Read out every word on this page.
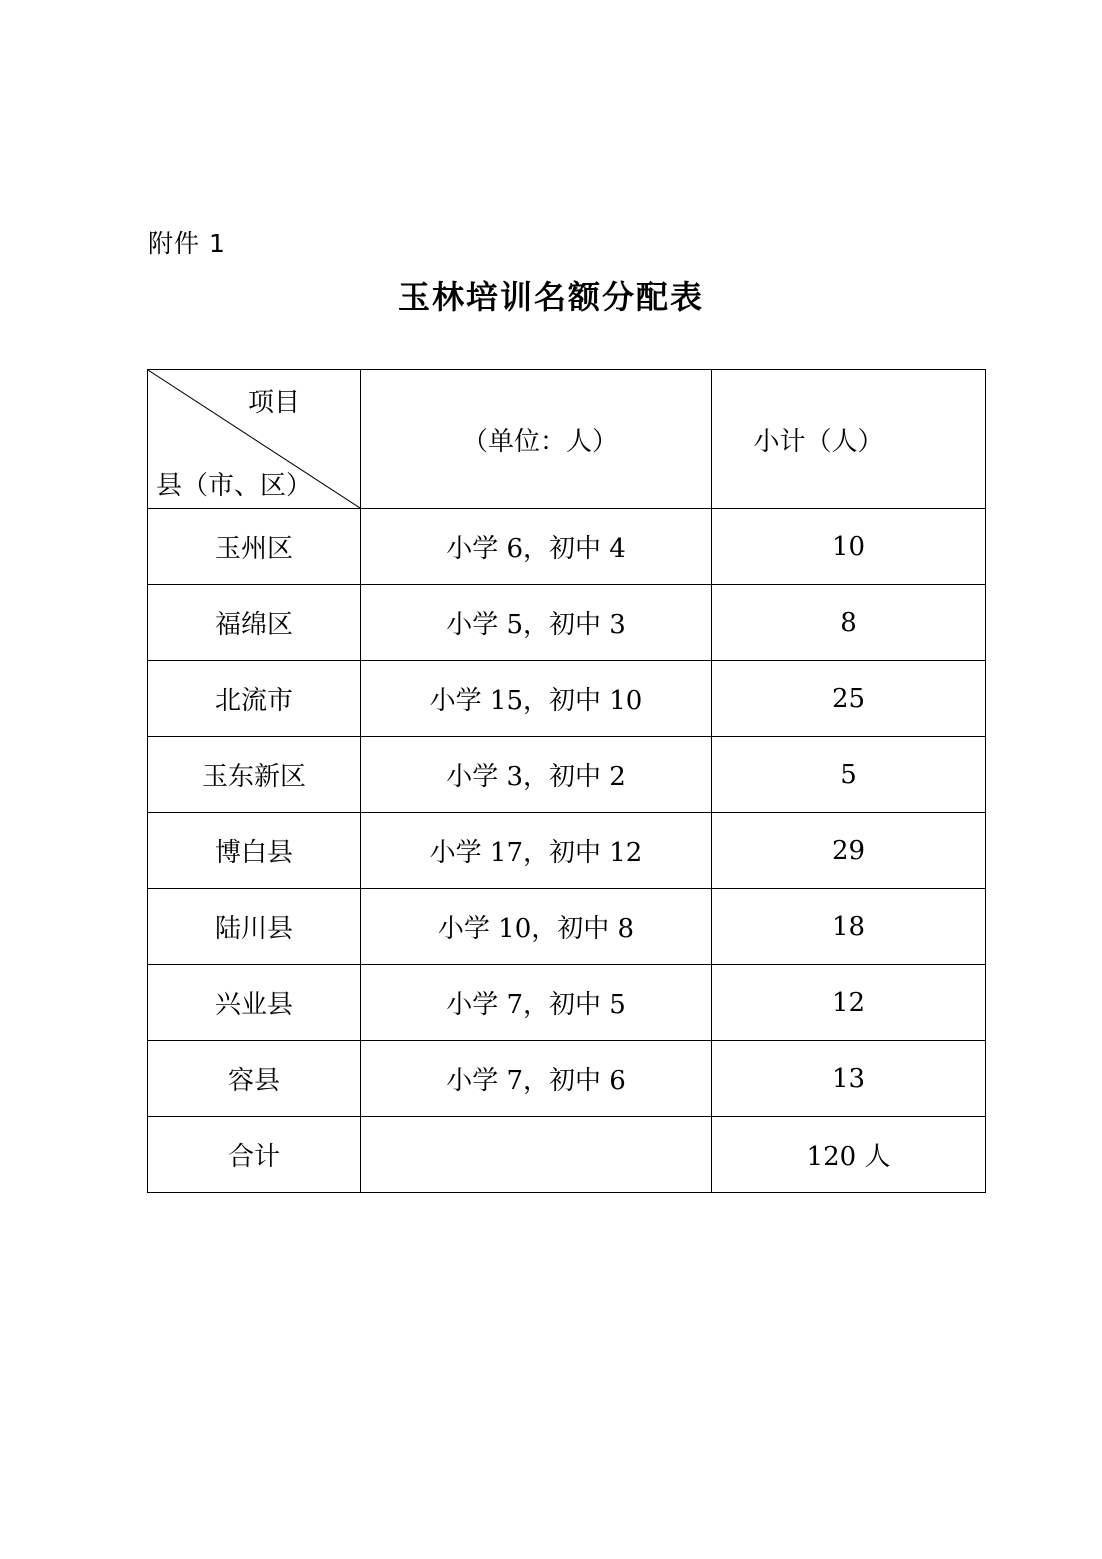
附件 1
玉林培训名额分配表
项目
县（市、区）	（单位：人）	小计（人）
玉州区	小学 6，初中 4	10
福绵区	小学 5，初中 3	8
北流市	小学 15，初中 10	25
玉东新区	小学 3，初中 2	5
博白县	小学 17，初中 12	29
陆川县	小学 10，初中 8	18
兴业县	小学 7，初中 5	12
容县	小学 7，初中 6	13
合计		120 人
